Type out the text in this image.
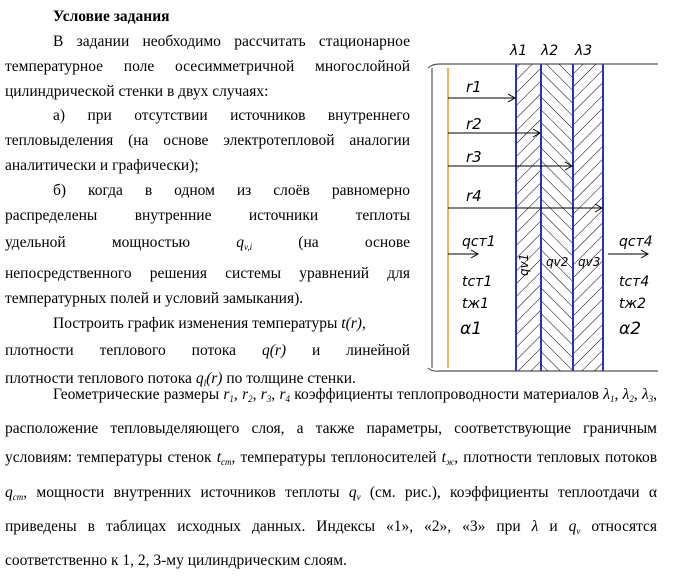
Условие задания

В задании необходимо рассчитать стационарное температурное поле осесимметричной многослойной цилиндрической стенки в двух случаях:

а) при отсутствии источников внутреннего тепловыделения (на основе электротепловой аналогии аналитически и графически);

б) когда в одном из слоёв равномерно

распределены внутренние источники теплоты

удельной мощностью	$q_{v,i}$	(на основе

непосредственного решения системы уравнений для температурных полей и условий замыкания).

Построить график изменения температуры t(r),

плотности теплового потока q(r) и линейной

плотности теплового потока $q_l(r)$ по толщине стенки.

λ1 λ2 λ3
r1
r2
r3
r4
qст1	qст4
qv1 qv2 qv3
tст1
tж1
α1
tст4
tж2
α2

Геометрические размеры $r_1$, $r_2$, $r_3$, $r_4$ коэффициенты теплопроводности материалов $\lambda_1$, $\lambda_2$, $\lambda_3$, расположение тепловыделяющего слоя, а также параметры, соответствующие граничным условиям: температуры стенок $t_{ст}$, температуры теплоносителей $t_ж$, плотности тепловых потоков $q_{ст}$, мощности внутренних источников теплоты $q_v$ (см. рис.), коэффициенты теплоотдачи α приведены в таблицах исходных данных. Индексы «1», «2», «3» при λ и $q_v$ относятся соответственно к 1, 2, 3-му цилиндрическим слоям.
